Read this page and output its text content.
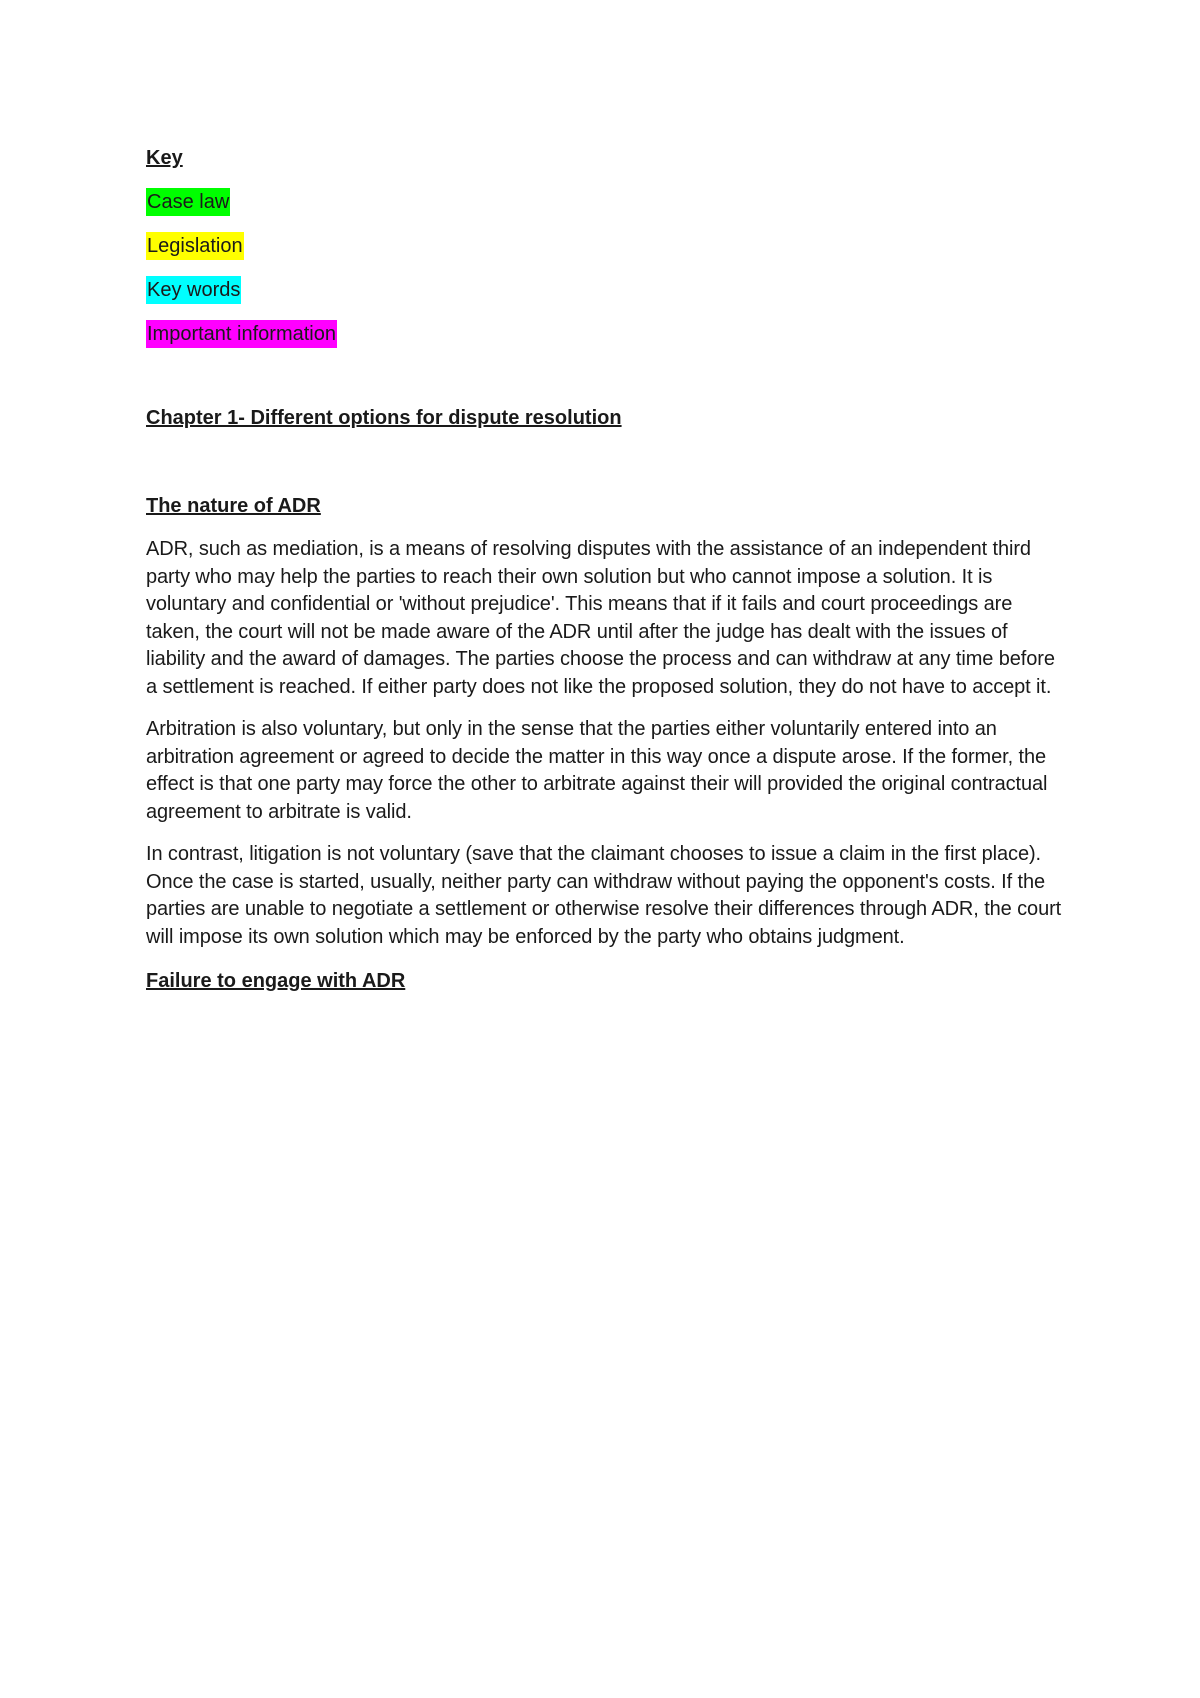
Key

Case law

Legislation

Key words

Important information

Chapter 1- Different options for dispute resolution

The nature of ADR

ADR, such as mediation, is a means of resolving disputes with the assistance of an independent third party who may help the parties to reach their own solution but who cannot impose a solution. It is voluntary and confidential or 'without prejudice'. This means that if it fails and court proceedings are taken, the court will not be made aware of the ADR until after the judge has dealt with the issues of liability and the award of damages. The parties choose the process and can withdraw at any time before a settlement is reached. If either party does not like the proposed solution, they do not have to accept it.

Arbitration is also voluntary, but only in the sense that the parties either voluntarily entered into an arbitration agreement or agreed to decide the matter in this way once a dispute arose. If the former, the effect is that one party may force the other to arbitrate against their will provided the original contractual agreement to arbitrate is valid.

In contrast, litigation is not voluntary (save that the claimant chooses to issue a claim in the first place). Once the case is started, usually, neither party can withdraw without paying the opponent's costs. If the parties are unable to negotiate a settlement or otherwise resolve their differences through ADR, the court will impose its own solution which may be enforced by the party who obtains judgment.

Failure to engage with ADR
